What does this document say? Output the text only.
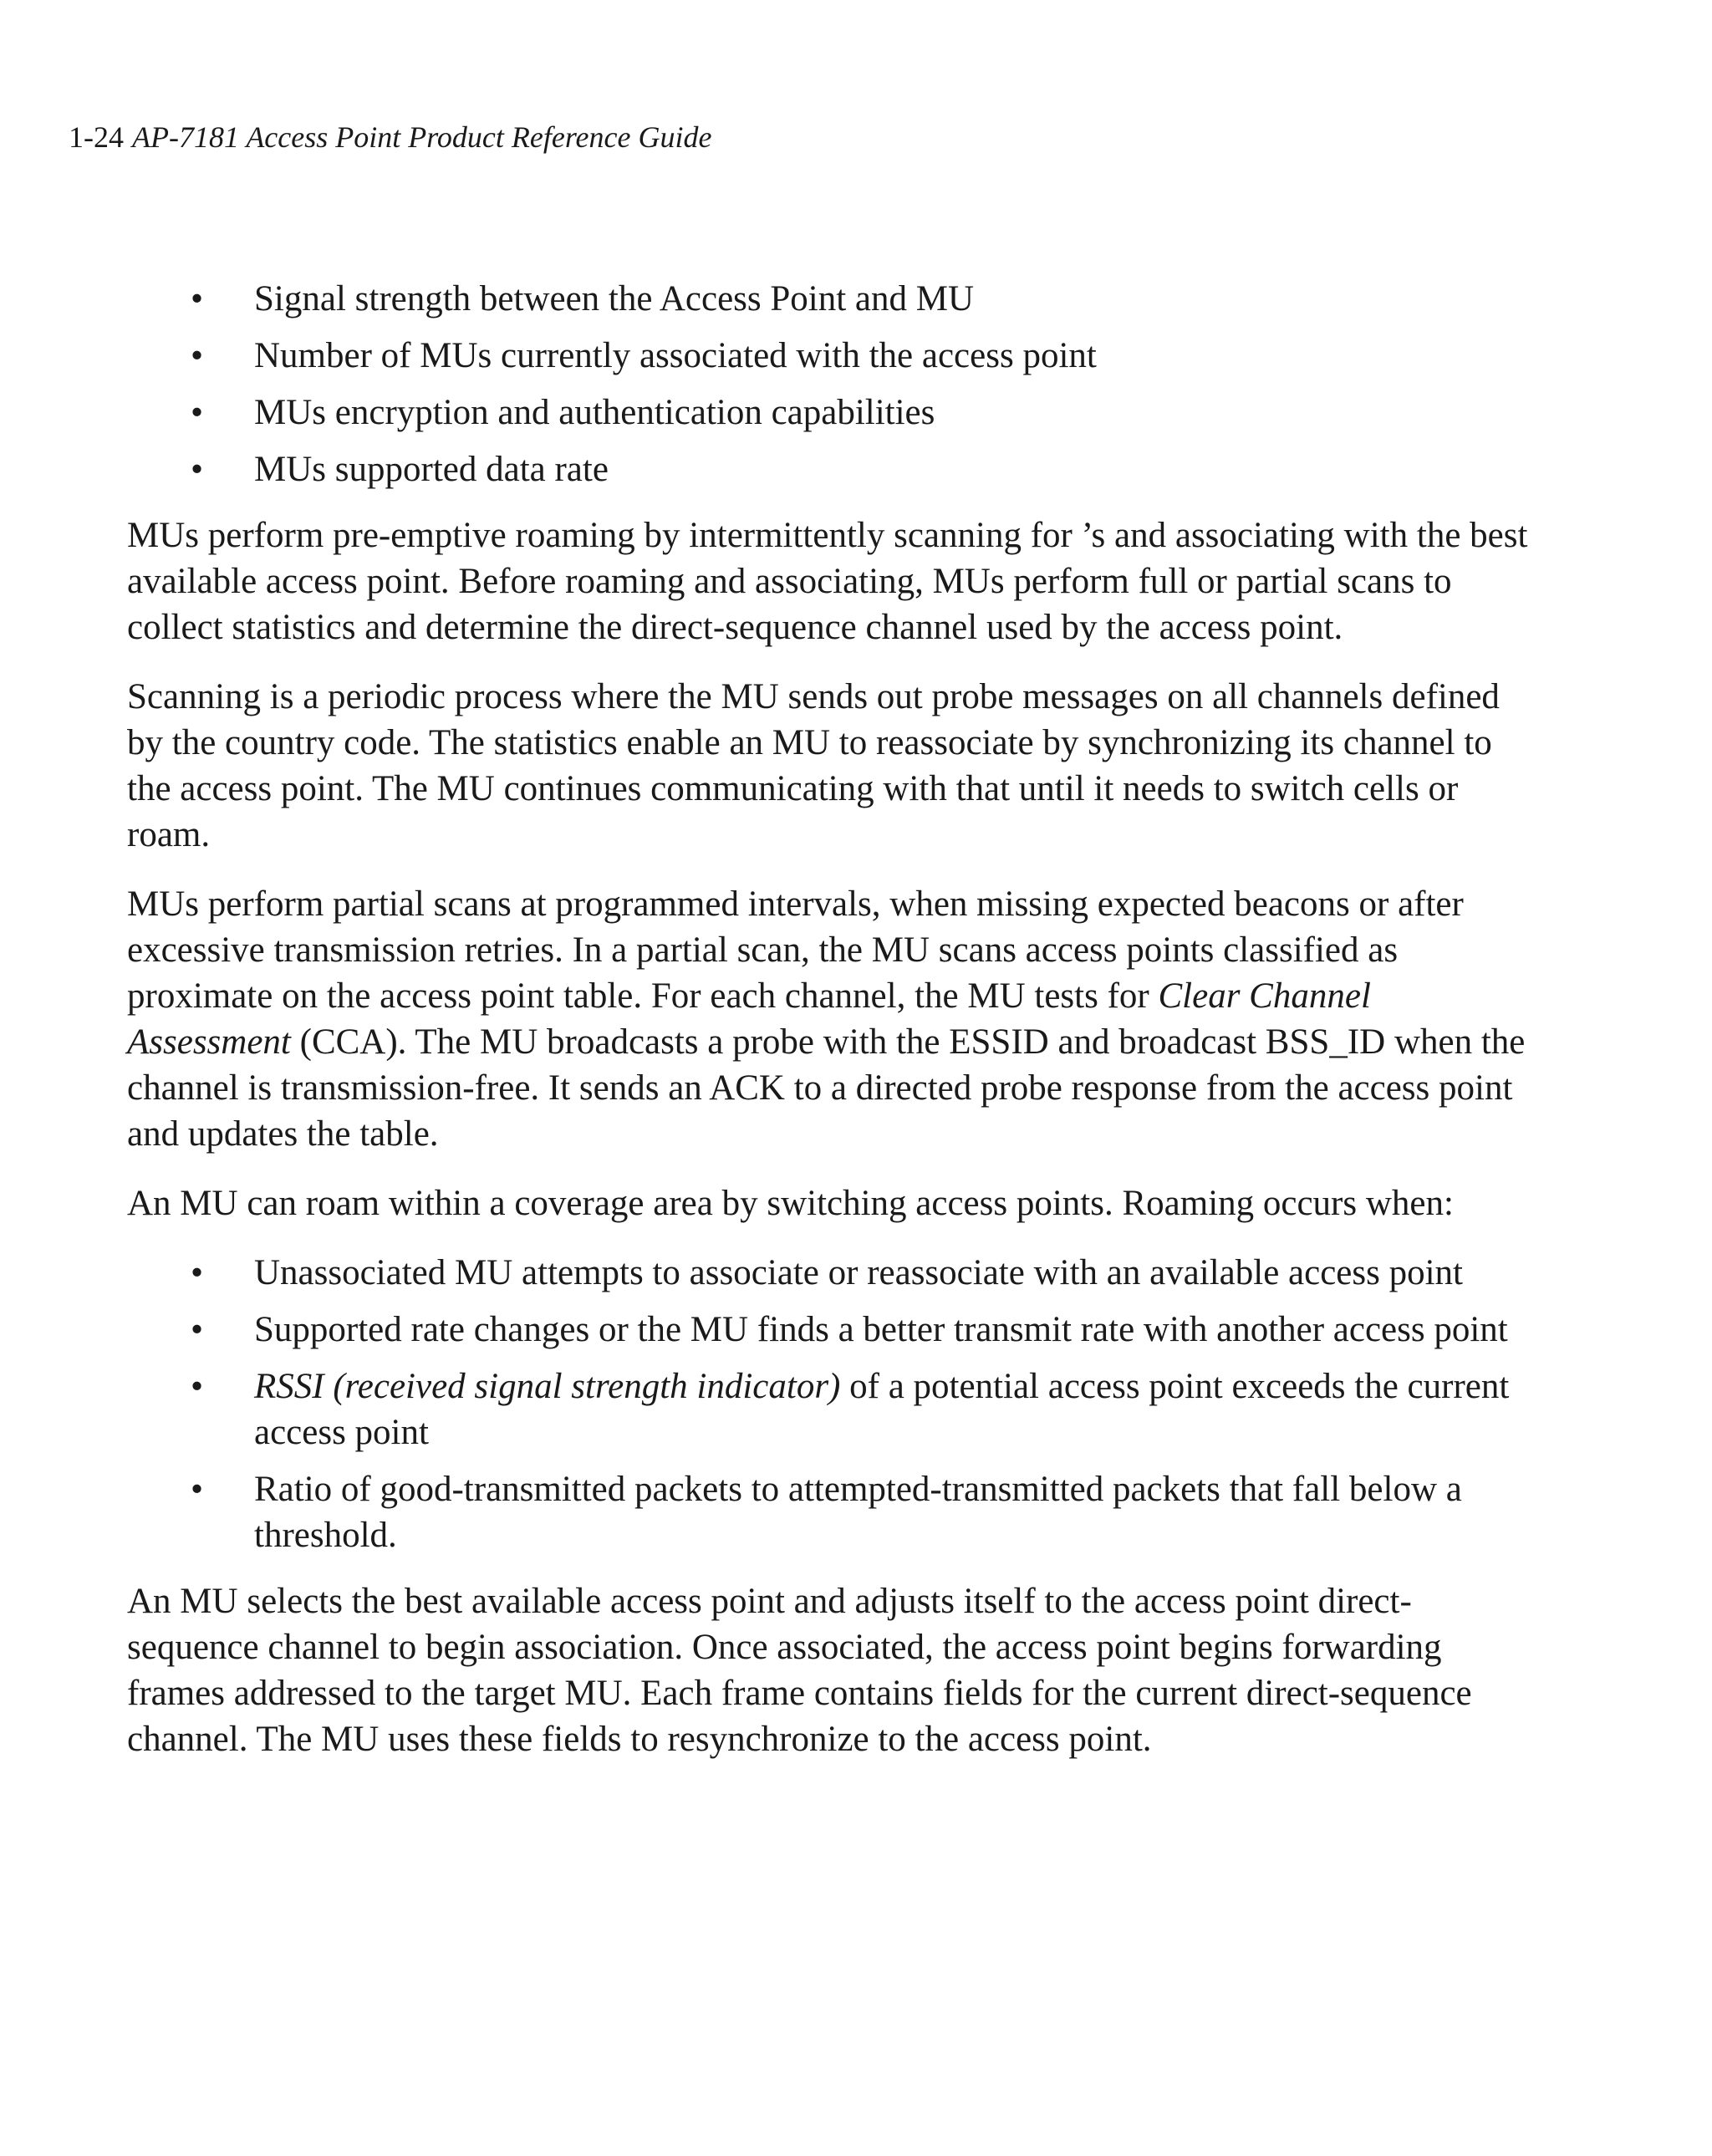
1-24 AP-7181 Access Point Product Reference Guide
• Signal strength between the Access Point and MU
• Number of MUs currently associated with the access point
• MUs encryption and authentication capabilities
• MUs supported data rate

MUs perform pre-emptive roaming by intermittently scanning for ’s and associating with the best available access point. Before roaming and associating, MUs perform full or partial scans to collect statistics and determine the direct-sequence channel used by the access point.

Scanning is a periodic process where the MU sends out probe messages on all channels defined by the country code. The statistics enable an MU to reassociate by synchronizing its channel to the access point. The MU continues communicating with that until it needs to switch cells or roam.

MUs perform partial scans at programmed intervals, when missing expected beacons or after excessive transmission retries. In a partial scan, the MU scans access points classified as proximate on the access point table. For each channel, the MU tests for Clear Channel Assessment (CCA). The MU broadcasts a probe with the ESSID and broadcast BSS_ID when the channel is transmission-free. It sends an ACK to a directed probe response from the access point and updates the table.

An MU can roam within a coverage area by switching access points. Roaming occurs when:

• Unassociated MU attempts to associate or reassociate with an available access point
• Supported rate changes or the MU finds a better transmit rate with another access point
• RSSI (received signal strength indicator) of a potential access point exceeds the current access point
• Ratio of good-transmitted packets to attempted-transmitted packets that fall below a threshold.

An MU selects the best available access point and adjusts itself to the access point direct-sequence channel to begin association. Once associated, the access point begins forwarding frames addressed to the target MU. Each frame contains fields for the current direct-sequence channel. The MU uses these fields to resynchronize to the access point.
